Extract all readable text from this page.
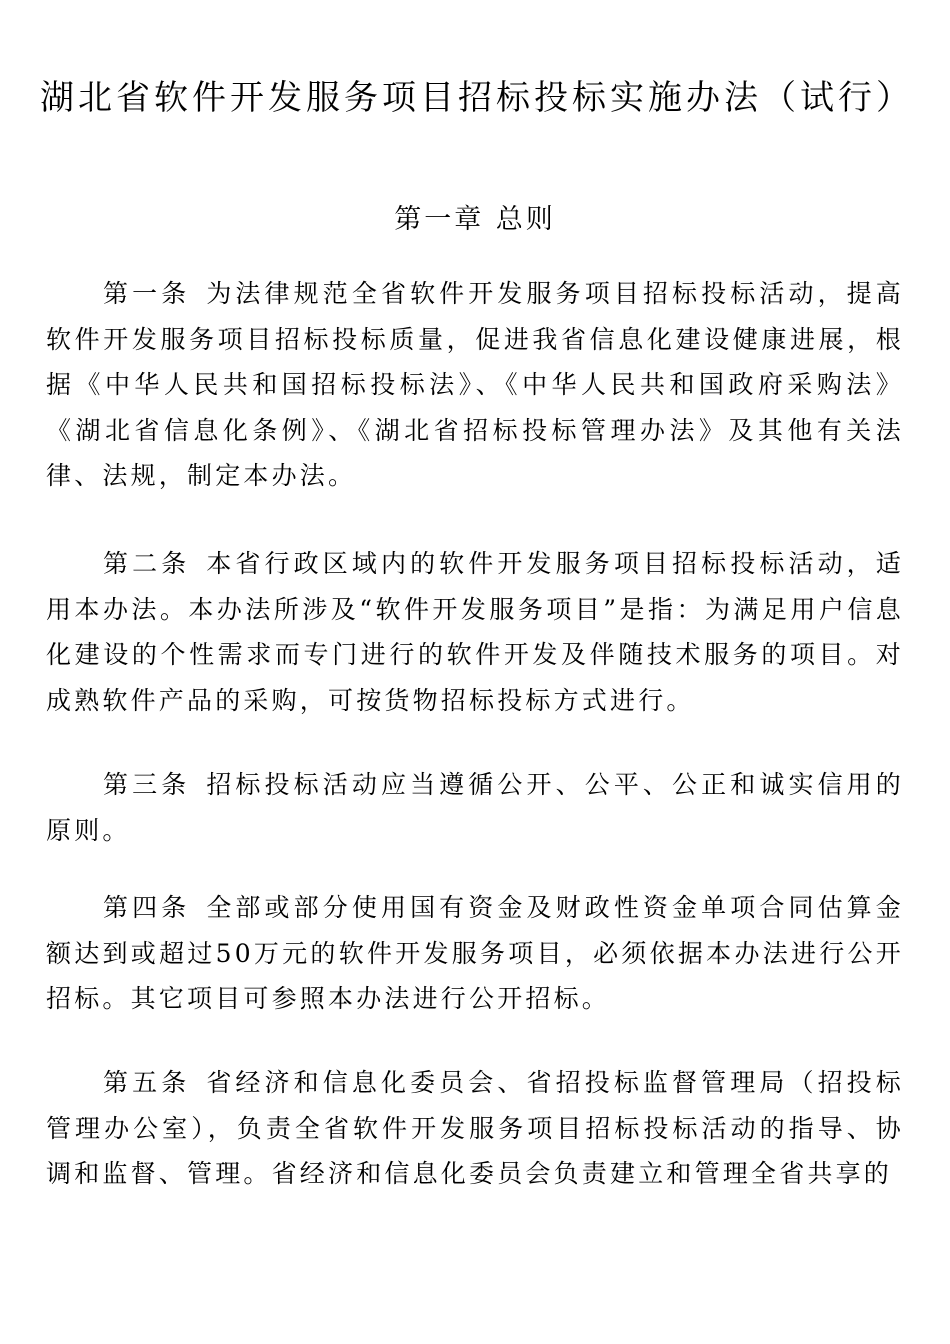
湖北省软件开发服务项目招标投标实施办法（试行）
第一章 总则

第一条 为法律规范全省软件开发服务项目招标投标活动，提高软件开发服务项目招标投标质量，促进我省信息化建设健康进展，根据《中华人民共和国招标投标法》、《中华人民共和国政府采购法》《湖北省信息化条例》、《湖北省招标投标管理办法》及其他有关法律、法规，制定本办法。

第二条 本省行政区域内的软件开发服务项目招标投标活动，适用本办法。本办法所涉及“软件开发服务项目”是指：为满足用户信息化建设的个性需求而专门进行的软件开发及伴随技术服务的项目。对成熟软件产品的采购，可按货物招标投标方式进行。

第三条 招标投标活动应当遵循公开、公平、公正和诚实信用的原则。

第四条 全部或部分使用国有资金及财政性资金单项合同估算金额达到或超过50万元的软件开发服务项目，必须依据本办法进行公开招标。其它项目可参照本办法进行公开招标。

第五条 省经济和信息化委员会、省招投标监督管理局（招投标管理办公室），负责全省软件开发服务项目招标投标活动的指导、协调和监督、管理。省经济和信息化委员会负责建立和管理全省共享的
